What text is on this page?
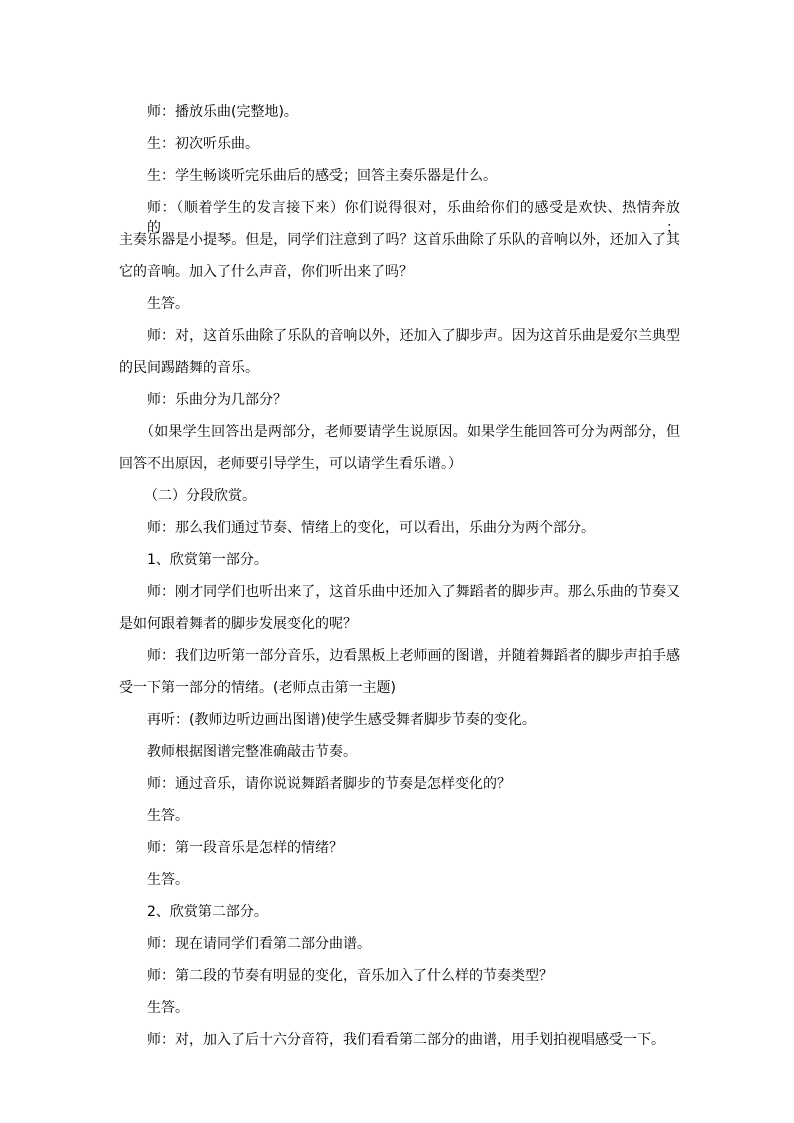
师：播放乐曲(完整地)。
生：初次听乐曲。
生：学生畅谈听完乐曲后的感受；回答主奏乐器是什么。
师：（顺着学生的发言接下来）你们说得很对，乐曲给你们的感受是欢快、热情奔放的；
主奏乐器是小提琴。但是，同学们注意到了吗？这首乐曲除了乐队的音响以外，还加入了其
它的音响。加入了什么声音，你们听出来了吗？
生答。
师：对，这首乐曲除了乐队的音响以外，还加入了脚步声。因为这首乐曲是爱尔兰典型
的民间踢踏舞的音乐。
师：乐曲分为几部分？
（如果学生回答出是两部分，老师要请学生说原因。如果学生能回答可分为两部分，但
回答不出原因，老师要引导学生，可以请学生看乐谱。）
（二）分段欣赏。
师：那么我们通过节奏、情绪上的变化，可以看出，乐曲分为两个部分。
1、欣赏第一部分。
师：刚才同学们也听出来了，这首乐曲中还加入了舞蹈者的脚步声。那么乐曲的节奏又
是如何跟着舞者的脚步发展变化的呢？
师：我们边听第一部分音乐，边看黑板上老师画的图谱，并随着舞蹈者的脚步声拍手感
受一下第一部分的情绪。(老师点击第一主题)
再听：(教师边听边画出图谱)使学生感受舞者脚步节奏的变化。
教师根据图谱完整准确敲击节奏。
师：通过音乐，请你说说舞蹈者脚步的节奏是怎样变化的？
生答。
师：第一段音乐是怎样的情绪？
生答。
2、欣赏第二部分。
师：现在请同学们看第二部分曲谱。
师：第二段的节奏有明显的变化，音乐加入了什么样的节奏类型？
生答。
师：对，加入了后十六分音符，我们看看第二部分的曲谱，用手划拍视唱感受一下。
